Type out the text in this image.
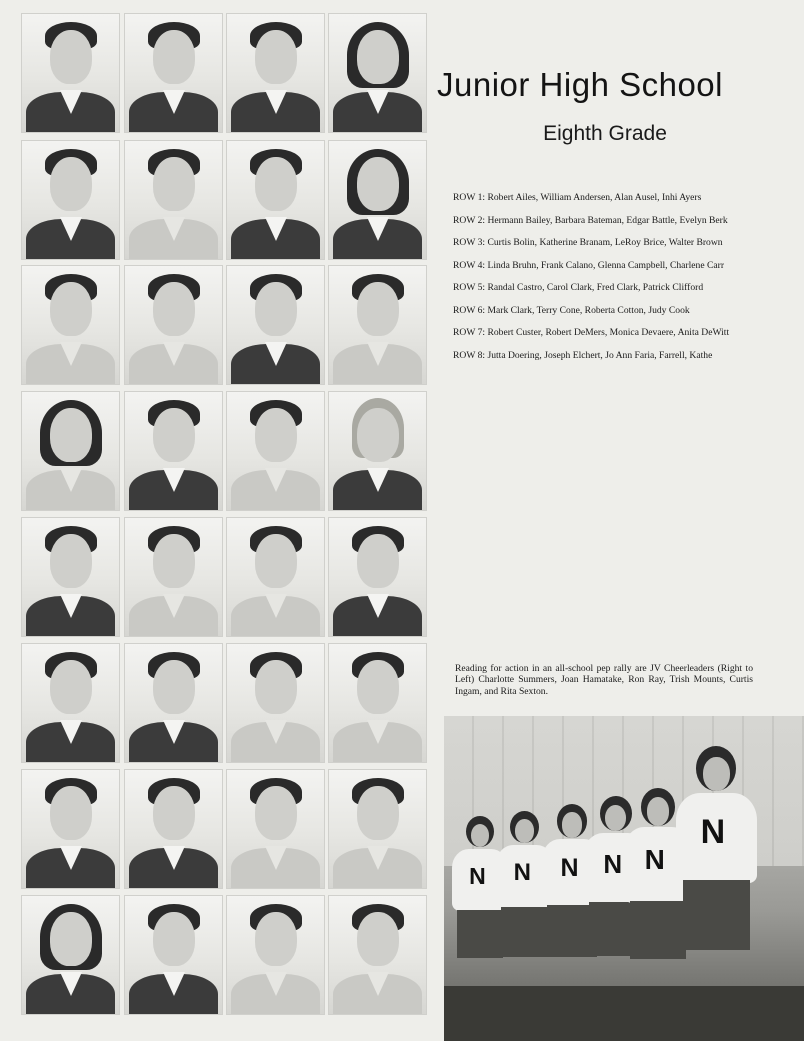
Junior High School
Eighth Grade

ROW 1: Robert Ailes, William Andersen, Alan Ausel, Inhi Ayers

ROW 2: Hermann Bailey, Barbara Bateman, Edgar Battle, Evelyn Berk

ROW 3: Curtis Bolin, Katherine Branam, LeRoy Brice, Walter Brown

ROW 4: Linda Bruhn, Frank Calano, Glenna Campbell, Charlene Carr

ROW 5: Randal Castro, Carol Clark, Fred Clark, Patrick Clifford

ROW 6: Mark Clark, Terry Cone, Roberta Cotton, Judy Cook

ROW 7: Robert Custer, Robert DeMers, Monica Devaere, Anita DeWitt

ROW 8: Jutta Doering, Joseph Elchert, Jo Ann Faria, Farrell, Kathe

Reading for action in an all-school pep rally are JV Cheerleaders (Right to Left) Charlotte Summers, Joan Hamatake, Ron Ray, Trish Mounts, Curtis Ingam, and Rita Sexton.
N N N N N
N
